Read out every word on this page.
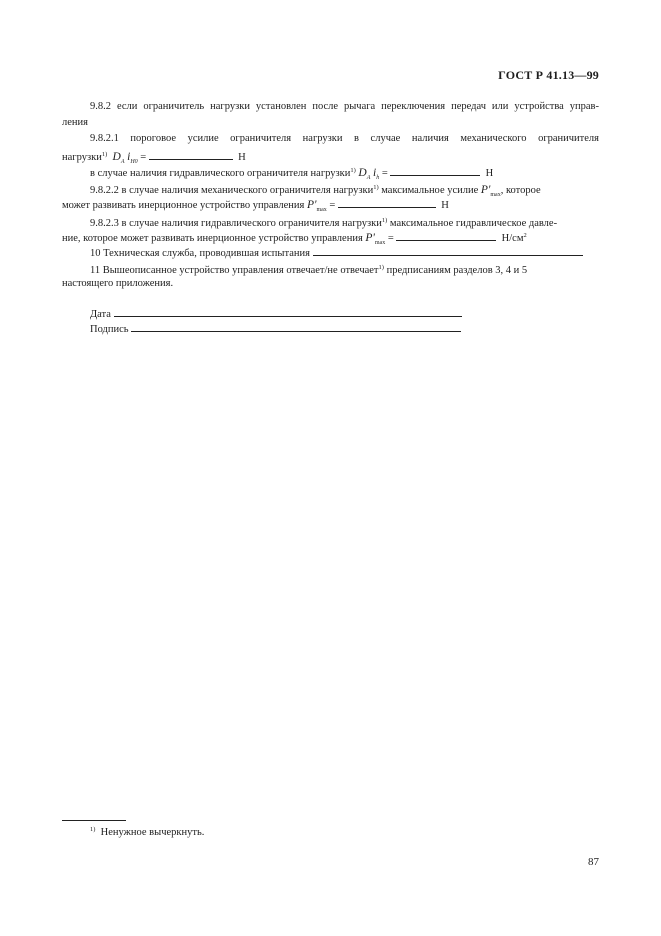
ГОСТ Р 41.13—99
9.8.2 если ограничитель нагрузки установлен после рычага переключения передач или устройства управ-
ления
9.8.2.1 пороговое усилие ограничителя нагрузки в случае наличия механического ограничителя
нагрузки$^{1)}$ $D_A$ $i_{H0}$ =	Н
в случае наличия гидравлического ограничителя нагрузки$^{1)}$ $D_A$ $i_h$ =	Н
9.8.2.2 в случае наличия механического ограничителя нагрузки$^{1)}$ максимальное усилие $P'_{max}$, которое
может развивать инерционное устройство управления $P'_{max}$ =	Н
9.8.2.3 в случае наличия гидравлического ограничителя нагрузки$^{1)}$ максимальное гидравлическое давле-
ние, которое может развивать инерционное устройство управления $P'_{max}$ =	$Н/см^2$
10 Техническая служба, проводившая испытания
11 Вышеописанное устройство управления отвечает/не отвечает$^{1)}$ предписаниям разделов 3, 4 и 5
настоящего приложения.
Дата
Подпись
$^{1)}$ Ненужное вычеркнуть.
87
